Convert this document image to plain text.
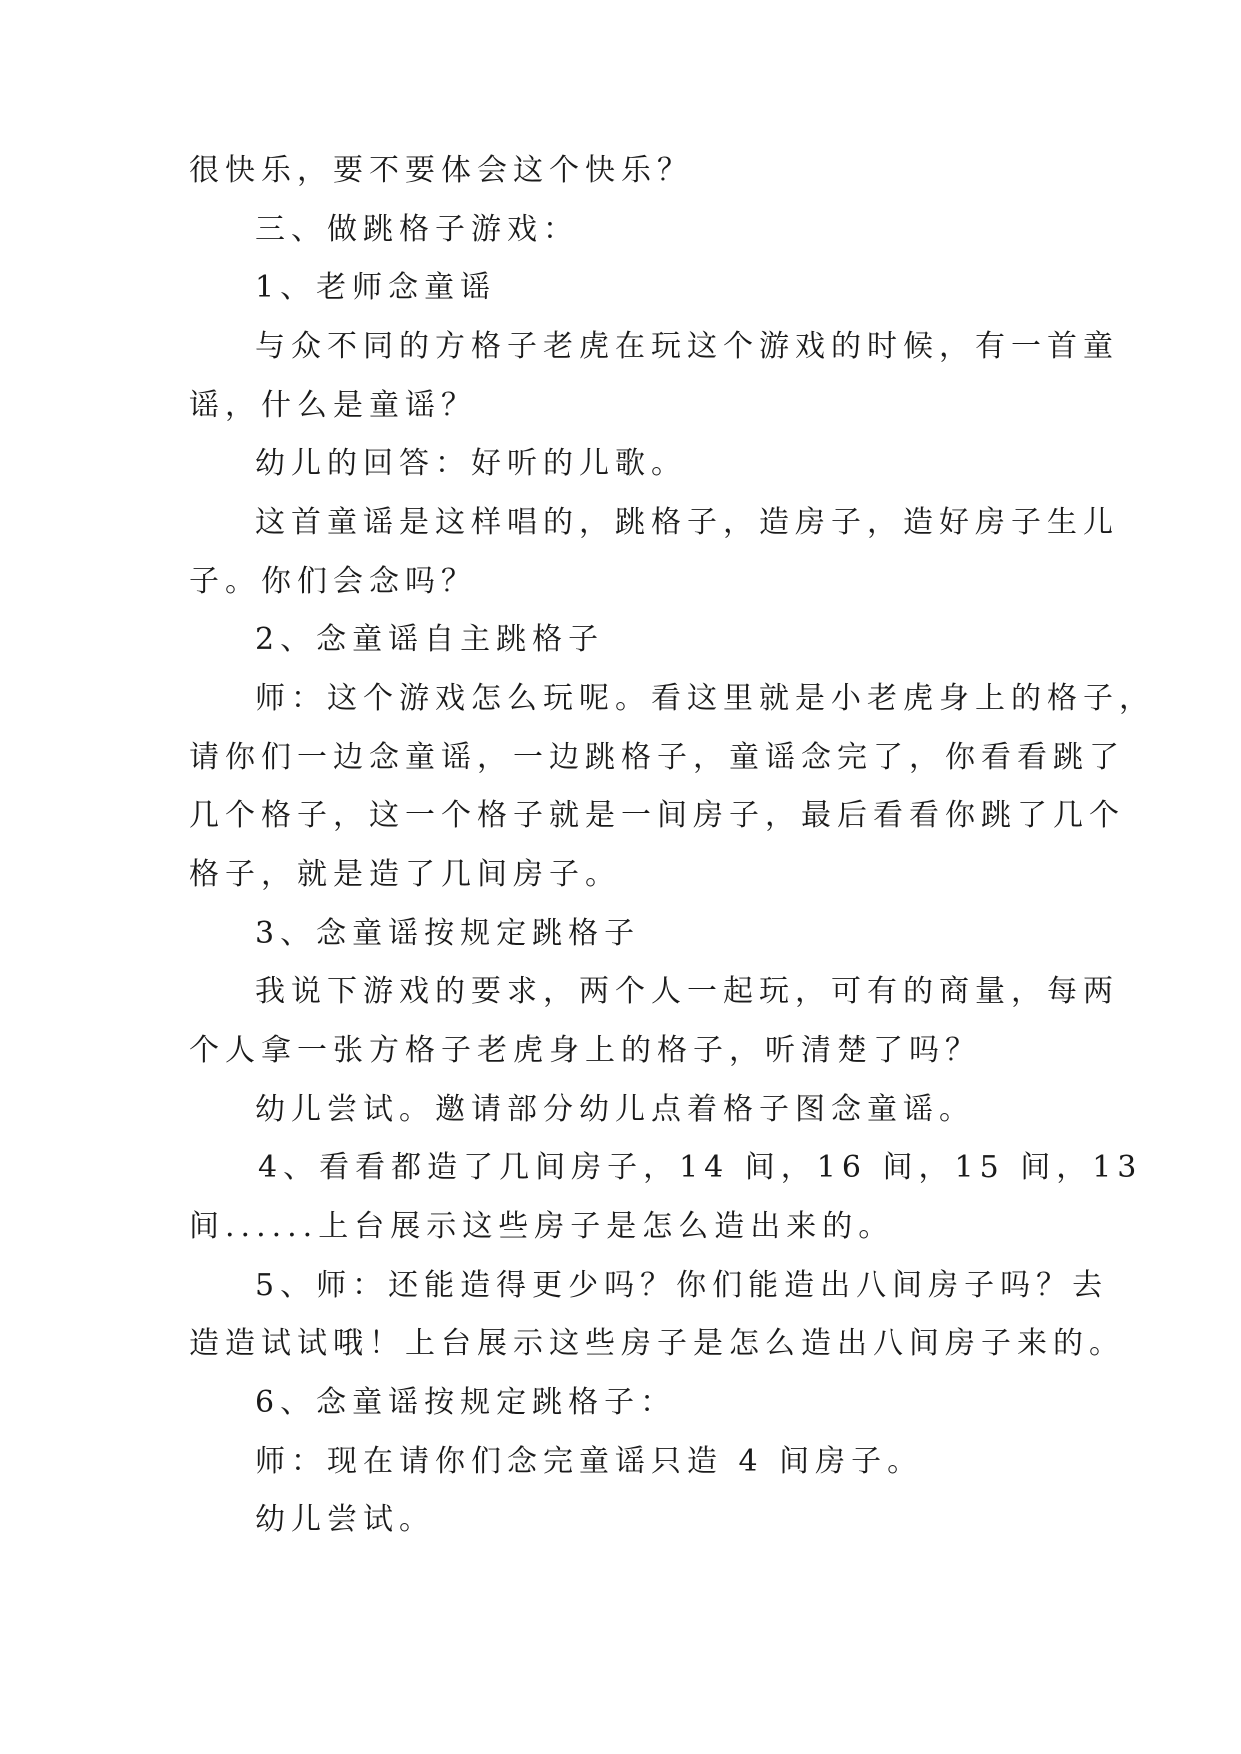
很快乐，要不要体会这个快乐？
三、做跳格子游戏：
1、老师念童谣
与众不同的方格子老虎在玩这个游戏的时候，有一首童
谣，什么是童谣？
幼儿的回答：好听的儿歌。
这首童谣是这样唱的，跳格子，造房子，造好房子生儿
子。你们会念吗？
2、念童谣自主跳格子
师：这个游戏怎么玩呢。看这里就是小老虎身上的格子，
请你们一边念童谣，一边跳格子，童谣念完了，你看看跳了
几个格子，这一个格子就是一间房子，最后看看你跳了几个
格子，就是造了几间房子。
3、念童谣按规定跳格子
我说下游戏的要求，两个人一起玩，可有的商量，每两
个人拿一张方格子老虎身上的格子，听清楚了吗？
幼儿尝试。邀请部分幼儿点着格子图念童谣。
4、看看都造了几间房子，14 间，16 间，15 间，13
间......上台展示这些房子是怎么造出来的。
5、师：还能造得更少吗？你们能造出八间房子吗？去
造造试试哦！上台展示这些房子是怎么造出八间房子来的。
6、念童谣按规定跳格子：
师：现在请你们念完童谣只造 4 间房子。
幼儿尝试。
